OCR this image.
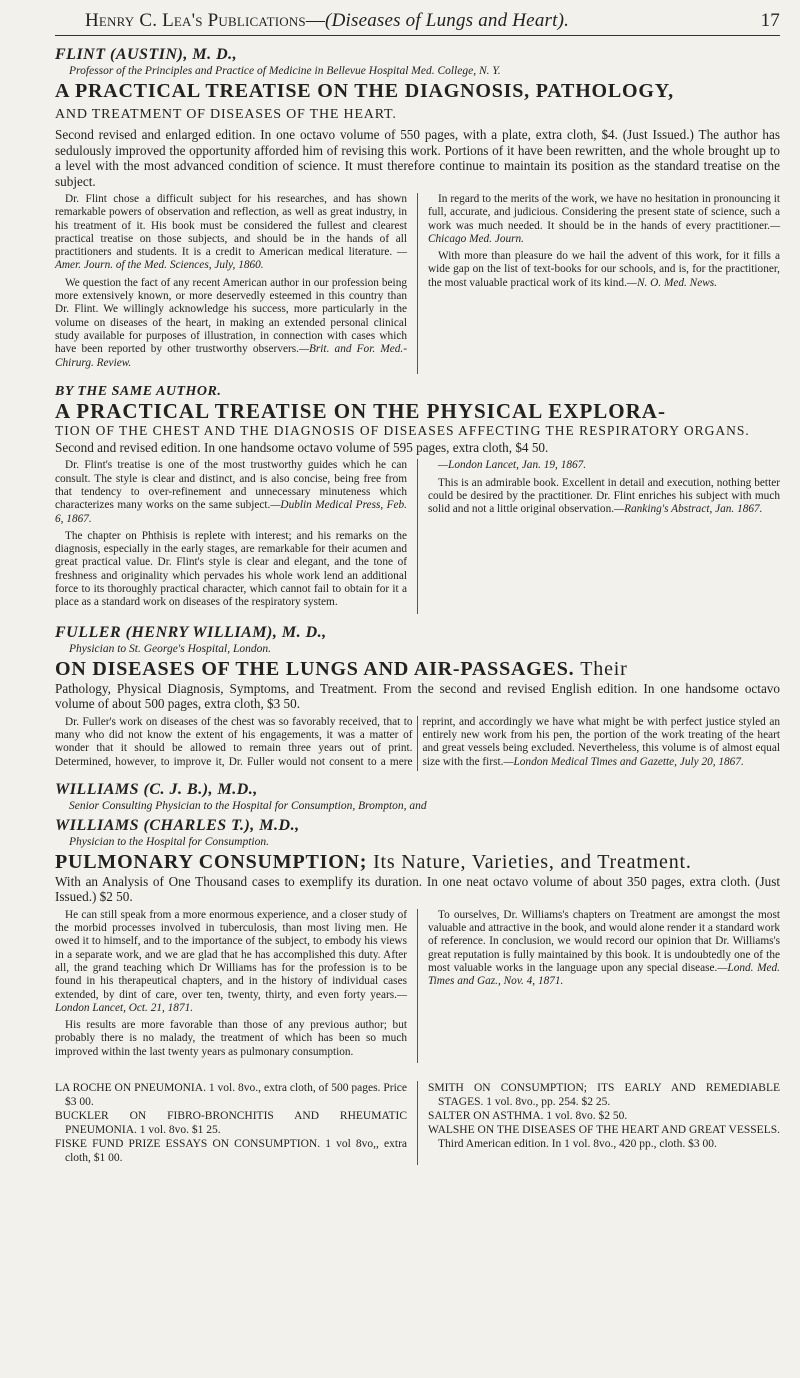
Henry C. Lea's Publications—(Diseases of Lungs and Heart).	17
FLINT (AUSTIN), M. D.,
Professor of the Principles and Practice of Medicine in Bellevue Hospital Med. College, N. Y.
A PRACTICAL TREATISE ON THE DIAGNOSIS, PATHOLOGY,
AND TREATMENT OF DISEASES OF THE HEART.
Second revised and enlarged edition. In one octavo volume of 550 pages, with a plate, extra cloth, $4. (Just Issued.) The author has sedulously improved the opportunity afforded him of revising this work. Portions of it have been rewritten, and the whole brought up to a level with the most advanced condition of science. It must therefore continue to maintain its position as the standard treatise on the subject.

Dr. Flint chose a difficult subject for his researches, and has shown remarkable powers of observation and reflection, as well as great industry, in his treatment of it. His book must be considered the fullest and clearest practical treatise on those subjects, and should be in the hands of all practitioners and students. It is a credit to American medical literature. —Amer. Journ. of the Med. Sciences, July, 1860.

We question the fact of any recent American author in our profession being more extensively known, or more deservedly esteemed in this country than Dr. Flint. We willingly acknowledge his success, more particularly in the volume on diseases of the heart, in making an extended personal clinical study available for purposes of illustration, in connection with cases which have been reported by other trustworthy observers.—Brit. and For. Med.-Chirurg. Review.

In regard to the merits of the work, we have no hesitation in pronouncing it full, accurate, and judicious. Considering the present state of science, such a work was much needed. It should be in the hands of every practitioner.—Chicago Med. Journ.

With more than pleasure do we hail the advent of this work, for it fills a wide gap on the list of text-books for our schools, and is, for the practitioner, the most valuable practical work of its kind.—N. O. Med. News.

BY THE SAME AUTHOR.
A PRACTICAL TREATISE ON THE PHYSICAL EXPLORA-
TION OF THE CHEST AND THE DIAGNOSIS OF DISEASES AFFECTING THE RESPIRATORY ORGANS.
Second and revised edition. In one handsome octavo volume of 595 pages, extra cloth, $4 50.

Dr. Flint's treatise is one of the most trustworthy guides which he can consult. The style is clear and distinct, and is also concise, being free from that tendency to over-refinement and unnecessary minuteness which characterizes many works on the same subject.—Dublin Medical Press, Feb. 6, 1867.

The chapter on Phthisis is replete with interest; and his remarks on the diagnosis, especially in the early stages, are remarkable for their acumen and great practical value. Dr. Flint's style is clear and elegant, and the tone of freshness and originality which pervades his whole work lend an additional force to its thoroughly practical character, which cannot fail to obtain for it a place as a standard work on diseases of the respiratory system.

—London Lancet, Jan. 19, 1867.

This is an admirable book. Excellent in detail and execution, nothing better could be desired by the practitioner. Dr. Flint enriches his subject with much solid and not a little original observation.—Ranking's Abstract, Jan. 1867.

FULLER (HENRY WILLIAM), M. D.,
Physician to St. George's Hospital, London.
ON DISEASES OF THE LUNGS AND AIR-PASSAGES. Their
Pathology, Physical Diagnosis, Symptoms, and Treatment. From the second and revised English edition. In one handsome octavo volume of about 500 pages, extra cloth, $3 50.

Dr. Fuller's work on diseases of the chest was so favorably received, that to many who did not know the extent of his engagements, it was a matter of wonder that it should be allowed to remain three years out of print. Determined, however, to improve it, Dr. Fuller would not consent to a mere reprint, and accordingly we have what might be with perfect justice styled an entirely new work from his pen, the portion of the work treating of the heart and great vessels being excluded. Nevertheless, this volume is of almost equal size with the first.—London Medical Times and Gazette, July 20, 1867.

WILLIAMS (C. J. B.), M.D.,
Senior Consulting Physician to the Hospital for Consumption, Brompton, and
WILLIAMS (CHARLES T.), M.D.,
Physician to the Hospital for Consumption.
PULMONARY CONSUMPTION; Its Nature, Varieties, and Treatment.
With an Analysis of One Thousand cases to exemplify its duration. In one neat octavo volume of about 350 pages, extra cloth. (Just Issued.) $2 50.

He can still speak from a more enormous experience, and a closer study of the morbid processes involved in tuberculosis, than most living men. He owed it to himself, and to the importance of the subject, to embody his views in a separate work, and we are glad that he has accomplished this duty. After all, the grand teaching which Dr Williams has for the profession is to be found in his therapeutical chapters, and in the history of individual cases extended, by dint of care, over ten, twenty, thirty, and even forty years.—London Lancet, Oct. 21, 1871.

His results are more favorable than those of any previous author; but probably there is no malady, the treatment of which has been so much improved within the last twenty years as pulmonary consumption.

To ourselves, Dr. Williams's chapters on Treatment are amongst the most valuable and attractive in the book, and would alone render it a standard work of reference. In conclusion, we would record our opinion that Dr. Williams's great reputation is fully maintained by this book. It is undoubtedly one of the most valuable works in the language upon any special disease.—Lond. Med. Times and Gaz., Nov. 4, 1871.

LA ROCHE ON PNEUMONIA. 1 vol. 8vo., extra cloth, of 500 pages. Price $3 00.

BUCKLER ON FIBRO-BRONCHITIS AND RHEUMATIC PNEUMONIA. 1 vol. 8vo. $1 25.

FISKE FUND PRIZE ESSAYS ON CONSUMPTION. 1 vol 8vo,, extra cloth, $1 00.

SMITH ON CONSUMPTION; ITS EARLY AND REMEDIABLE STAGES. 1 vol. 8vo., pp. 254. $2 25.

SALTER ON ASTHMA. 1 vol. 8vo. $2 50.

WALSHE ON THE DISEASES OF THE HEART AND GREAT VESSELS. Third American edition. In 1 vol. 8vo., 420 pp., cloth. $3 00.
